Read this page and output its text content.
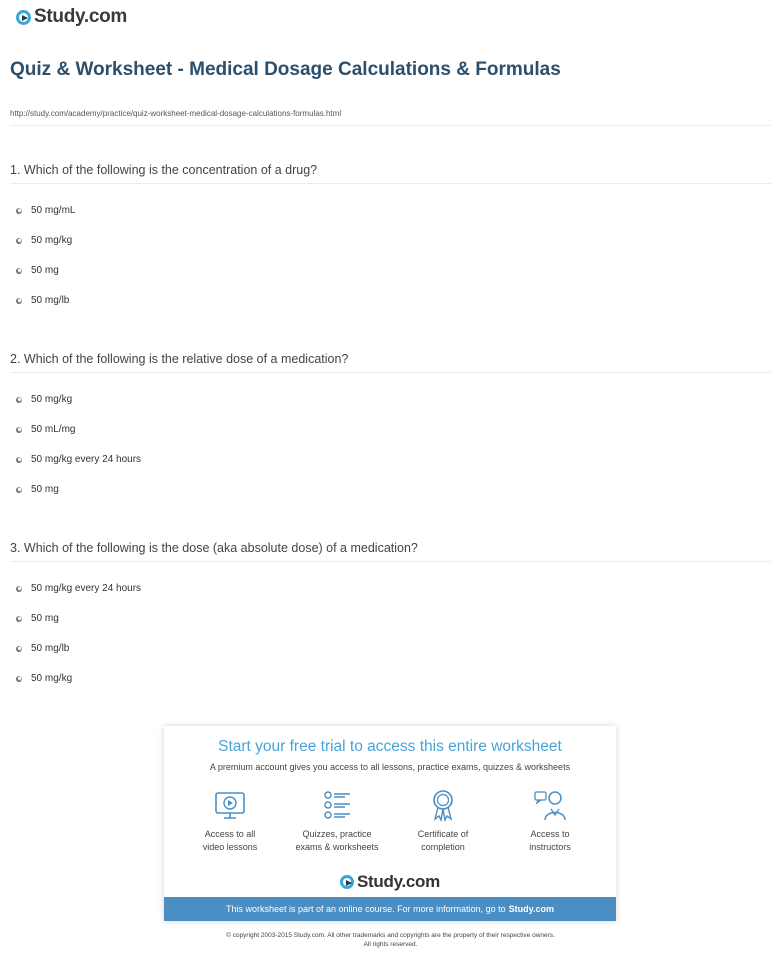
Study.com
Quiz & Worksheet - Medical Dosage Calculations & Formulas
http://study.com/academy/practice/quiz-worksheet-medical-dosage-calculations-formulas.html

1. Which of the following is the concentration of a drug?

50 mg/mL
50 mg/kg
50 mg
50 mg/lb

2. Which of the following is the relative dose of a medication?

50 mg/kg
50 mL/mg
50 mg/kg every 24 hours
50 mg

3. Which of the following is the dose (aka absolute dose) of a medication?

50 mg/kg every 24 hours
50 mg
50 mg/lb
50 mg/kg
Start your free trial to access this entire worksheet
A premium account gives you access to all lessons, practice exams, quizzes & worksheets
Access to all
video lessons
Quizzes, practice
exams & worksheets
Certificate of
completion
Access to
instructors
Study.com
This worksheet is part of an online course. For more information, go to Study.com
© copyright 2003-2015 Study.com. All other trademarks and copyrights are the property of their respective owners.
All rights reserved.
